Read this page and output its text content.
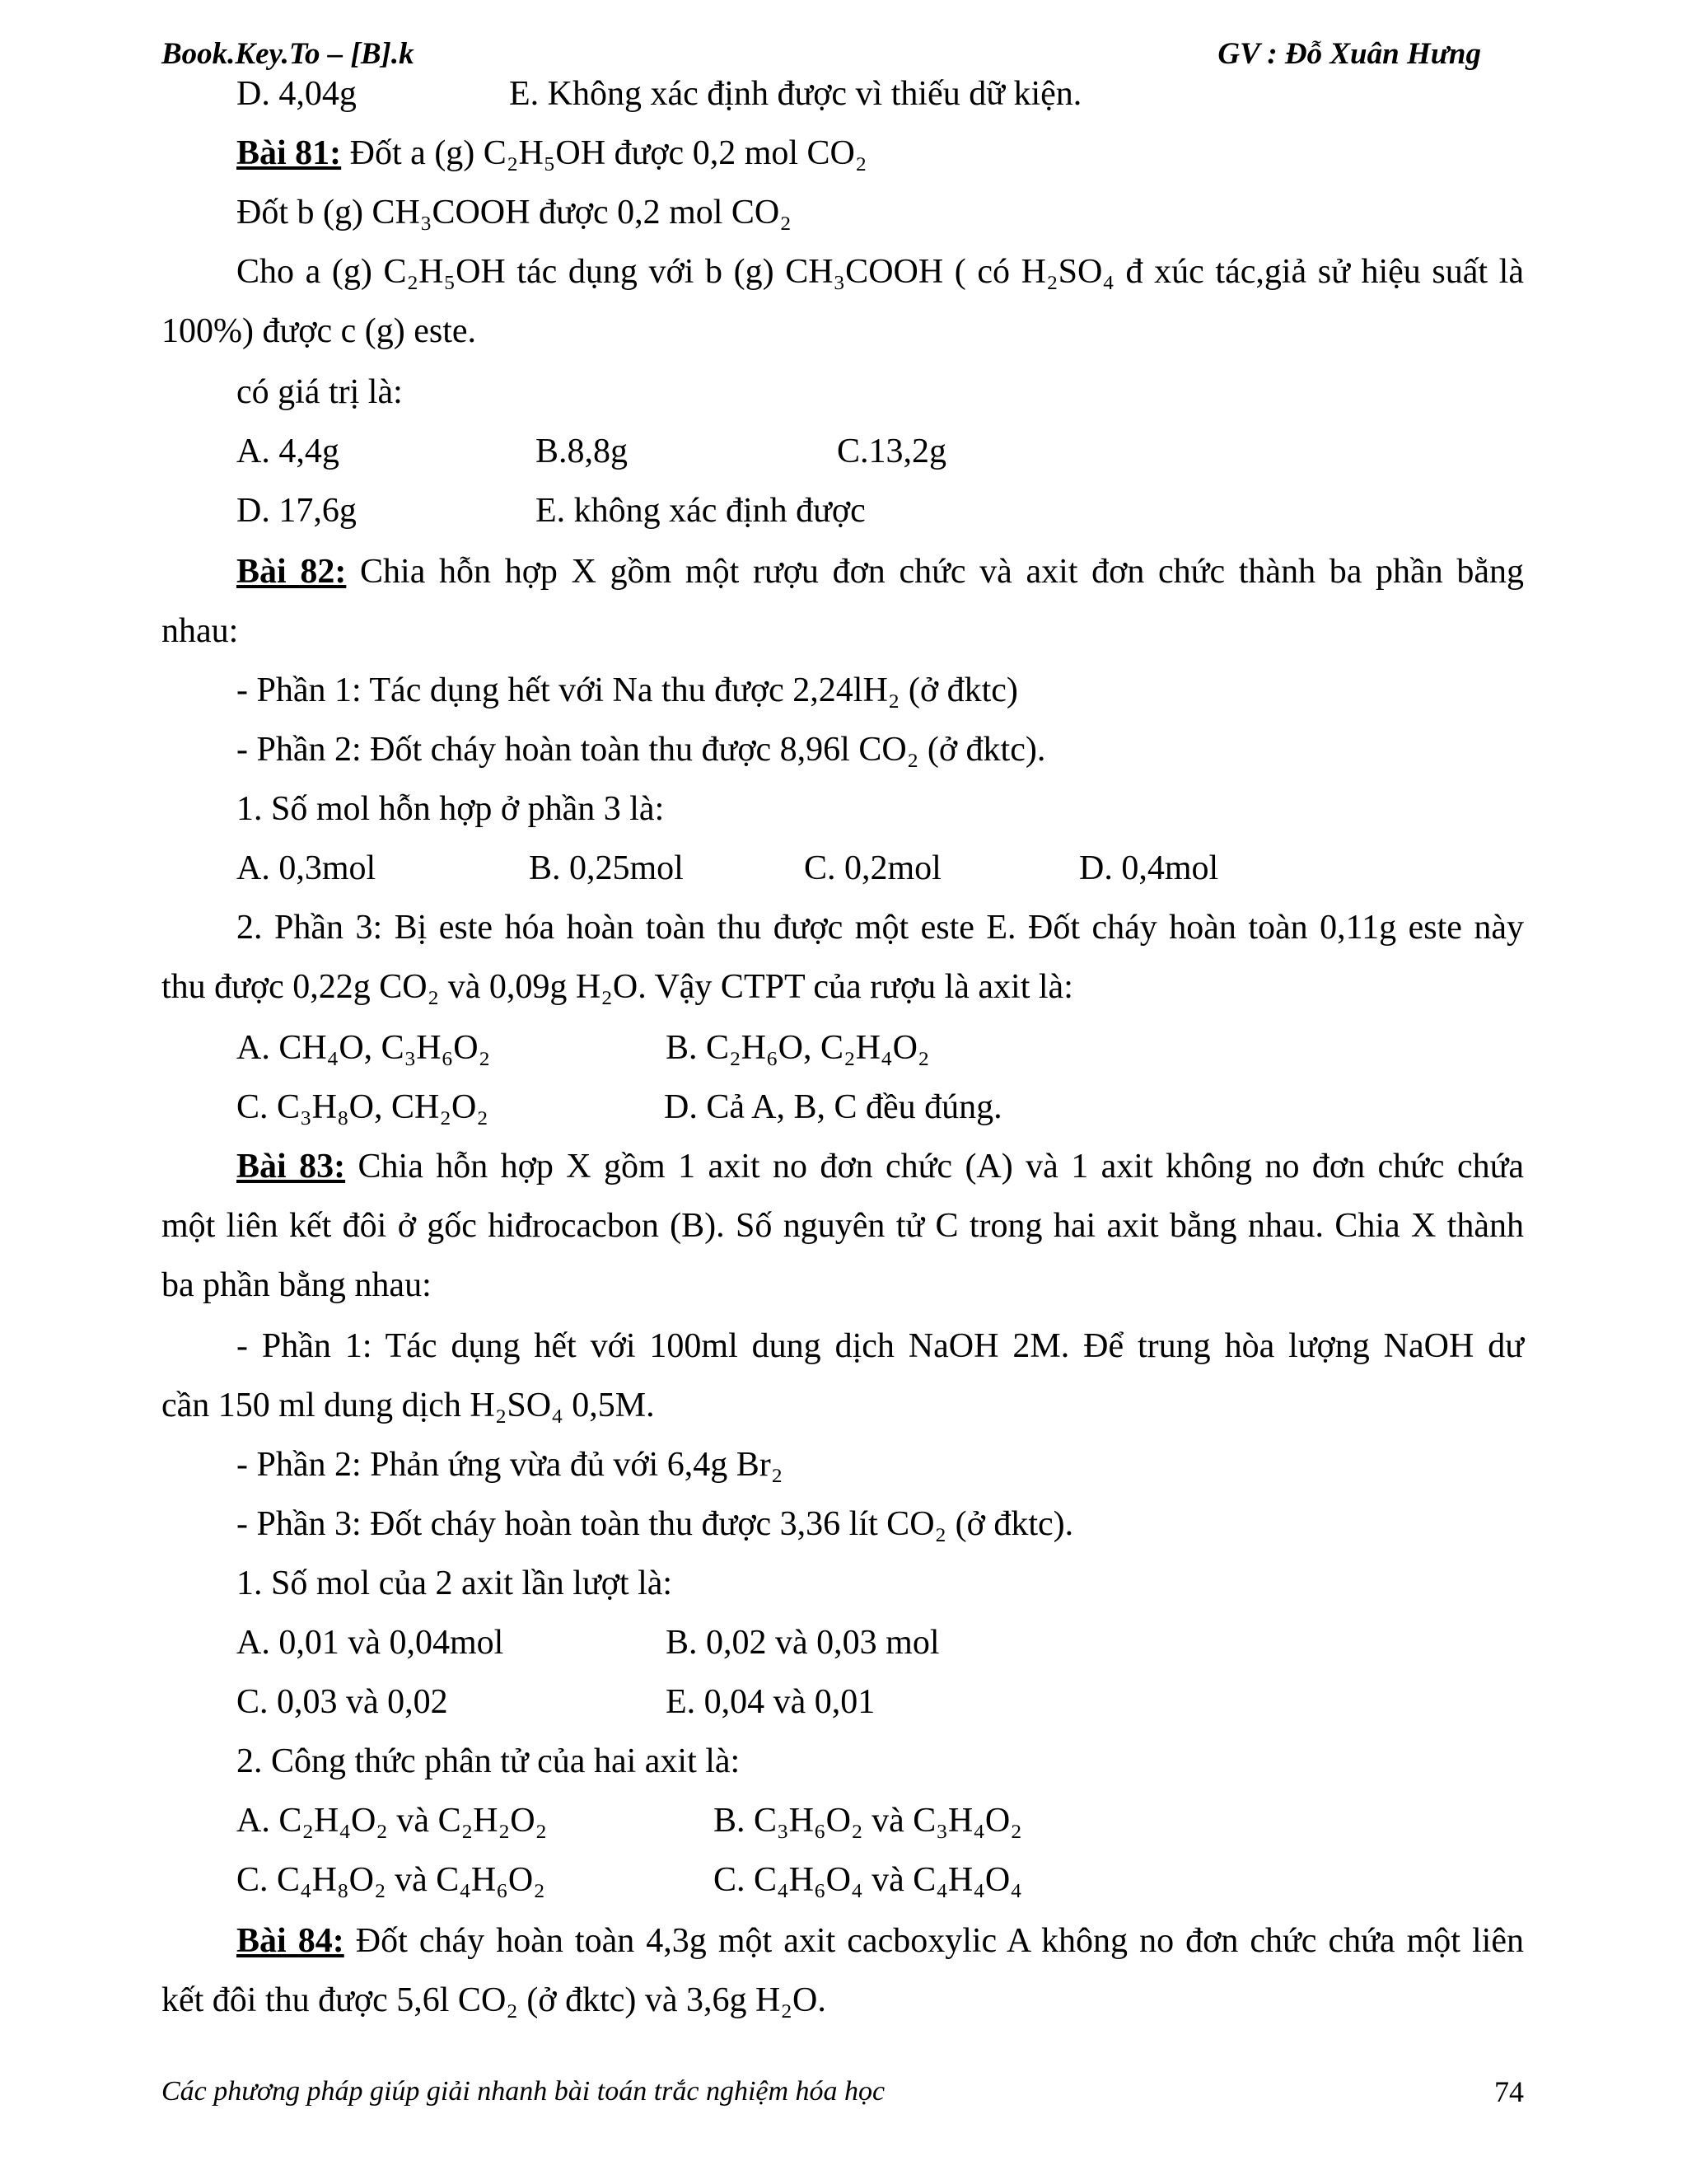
Book.Key.To – [B].k	GV : Đỗ Xuân Hưng
D. 4,04g	E. Không xác định được vì thiếu dữ kiện.
Bài 81: Đốt a (g) C₂H₅OH được 0,2 mol CO₂
Đốt b (g) CH₃COOH được 0,2 mol CO₂
Cho a (g) C₂H₅OH tác dụng với b (g) CH₃COOH ( có H₂SO₄ đ xúc tác,giả sử hiệu suất là
100%) được c (g) este.
có giá trị là:
A. 4,4g	B.8,8g	C.13,2g
D. 17,6g	E. không xác định được
Bài 82: Chia hỗn hợp X gồm một rượu đơn chức và axit đơn chức thành ba phần bằng
nhau:
- Phần 1: Tác dụng hết với Na thu được 2,24lH₂ (ở đktc)
- Phần 2: Đốt cháy hoàn toàn thu được 8,96l CO₂ (ở đktc).
1. Số mol hỗn hợp ở phần 3 là:
A. 0,3mol	B. 0,25mol	C. 0,2mol	D. 0,4mol
2. Phần 3: Bị este hóa hoàn toàn thu được một este E. Đốt cháy hoàn toàn 0,11g este này
thu được 0,22g CO₂ và 0,09g H₂O. Vậy CTPT của rượu là axit là:
A. CH₄O, C₃H₆O₂	B. C₂H₆O, C₂H₄O₂
C. C₃H₈O, CH₂O₂	D. Cả A, B, C đều đúng.
Bài 83: Chia hỗn hợp X gồm 1 axit no đơn chức (A) và 1 axit không no đơn chức chứa
một liên kết đôi ở gốc hiđrocacbon (B). Số nguyên tử C trong hai axit bằng nhau. Chia X thành
ba phần bằng nhau:
- Phần 1: Tác dụng hết với 100ml dung dịch NaOH 2M. Để trung hòa lượng NaOH dư
cần 150 ml dung dịch H₂SO₄ 0,5M.
- Phần 2: Phản ứng vừa đủ với 6,4g Br₂
- Phần 3: Đốt cháy hoàn toàn thu được 3,36 lít CO₂ (ở đktc).
1. Số mol của 2 axit lần lượt là:
A. 0,01 và 0,04mol	B. 0,02 và 0,03 mol
C. 0,03 và 0,02	E. 0,04 và 0,01
2. Công thức phân tử của hai axit là:
A. C₂H₄O₂ và C₂H₂O₂	B. C₃H₆O₂ và C₃H₄O₂
C. C₄H₈O₂ và C₄H₆O₂	C. C₄H₆O₄ và C₄H₄O₄
Bài 84: Đốt cháy hoàn toàn 4,3g một axit cacboxylic A không no đơn chức chứa một liên
kết đôi thu được 5,6l CO₂ (ở đktc) và 3,6g H₂O.
Các phương pháp giúp giải nhanh bài toán trắc nghiệm hóa học	74
